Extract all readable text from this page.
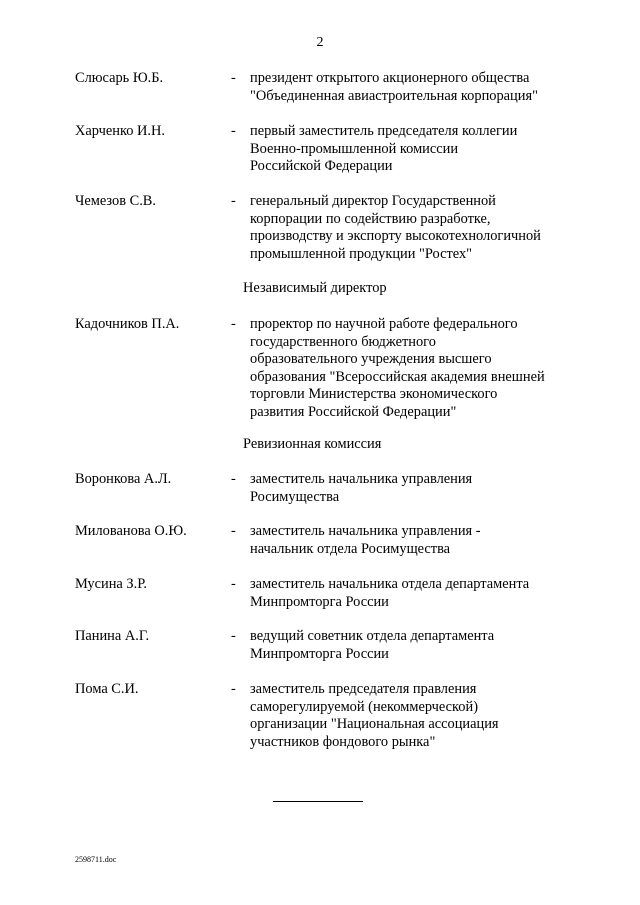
2
Слюсарь Ю.Б.	- президент открытого акционерного общества
"Объединенная авиастроительная корпорация"
Харченко И.Н.	- первый заместитель председателя коллегии
Военно-промышленной комиссии
Российской Федерации
Чемезов С.В.	- генеральный директор Государственной
корпорации по содействию разработке,
производству и экспорту высокотехнологичной
промышленной продукции "Ростех"
Независимый директор
Кадочников П.А.	- проректор по научной работе федерального
государственного бюджетного
образовательного учреждения высшего
образования "Всероссийская академия внешней
торговли Министерства экономического
развития Российской Федерации"
Ревизионная комиссия
Воронкова А.Л.	- заместитель начальника управления
Росимущества
Милованова О.Ю.	- заместитель начальника управления -
начальник отдела Росимущества
Мусина З.Р.	- заместитель начальника отдела департамента
Минпромторга России
Панина А.Г.	- ведущий советник отдела департамента
Минпромторга России
Пома С.И.	- заместитель председателя правления
саморегулируемой (некоммерческой)
организации "Национальная ассоциация
участников фондового рынка"
2598711.doc
